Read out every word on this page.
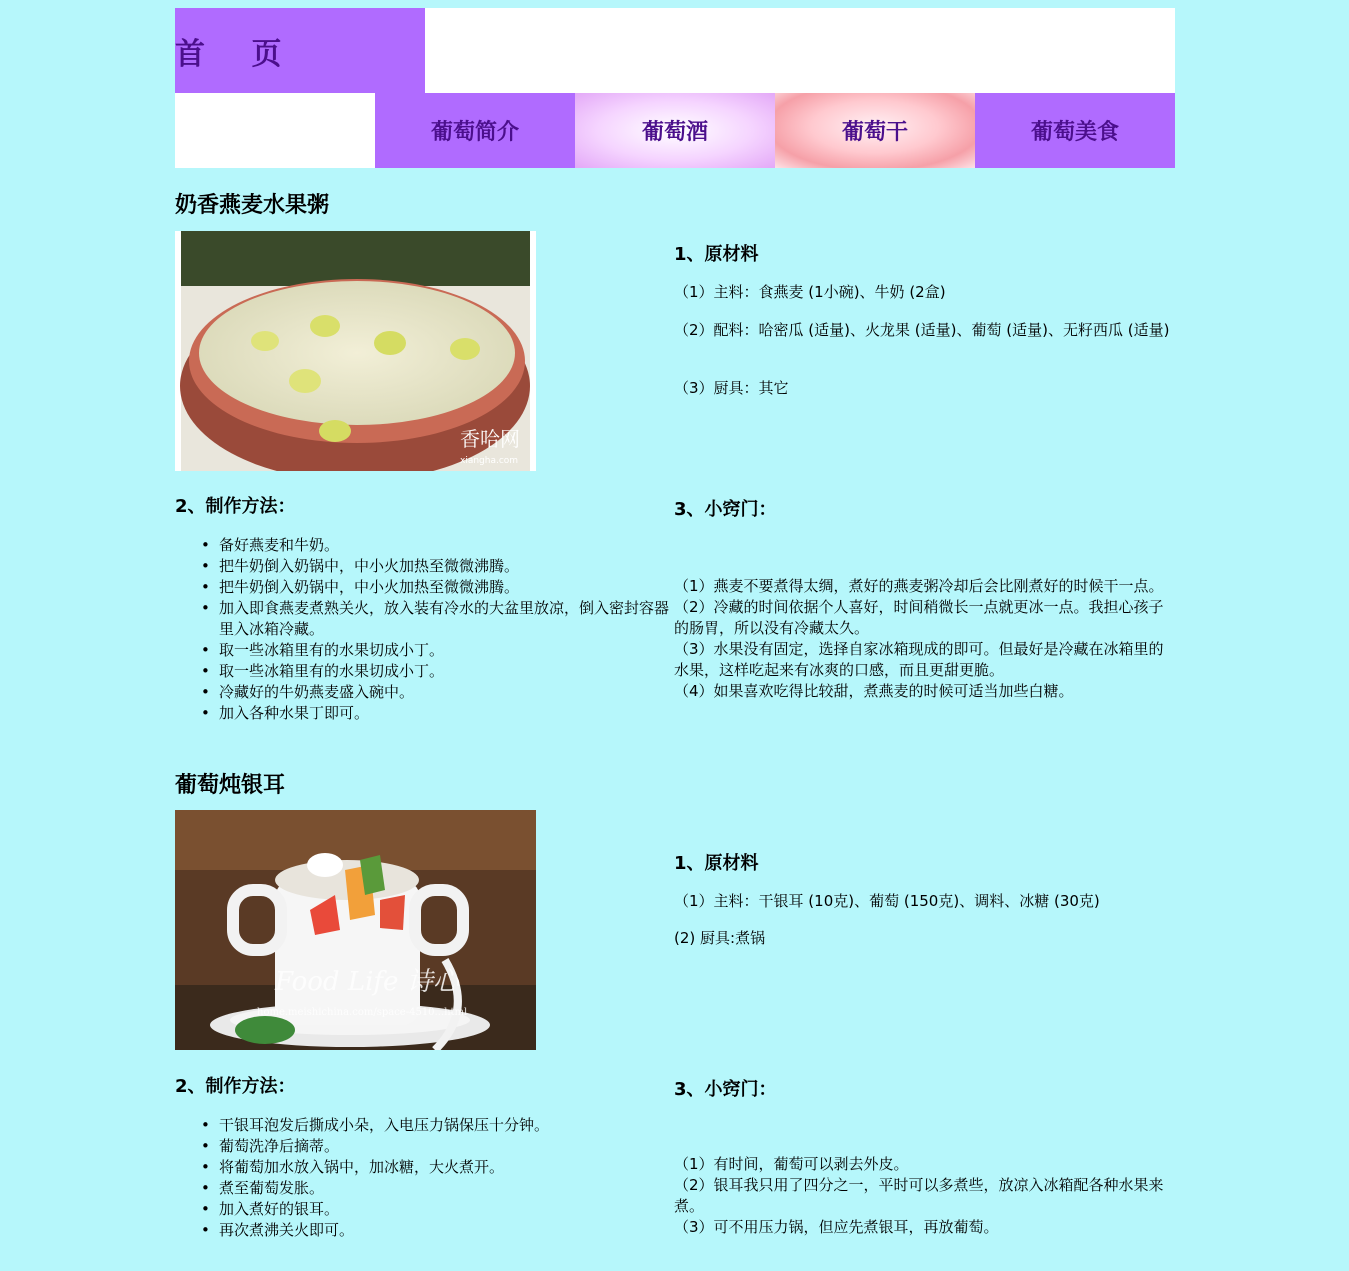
首 页
葡萄简介	葡萄酒	葡萄干	葡萄美食
奶香燕麦水果粥
香哈网
xiangha.com
1、原材料
（1）主料：食燕麦 (1小碗)、牛奶 (2盒)
（2）配料：哈密瓜 (适量)、火龙果 (适量)、葡萄 (适量)、无籽西瓜 (适量)
（3）厨具：其它
2、制作方法：
• 备好燕麦和牛奶。
• 把牛奶倒入奶锅中，中小火加热至微微沸腾。
• 把牛奶倒入奶锅中，中小火加热至微微沸腾。
• 加入即食燕麦煮熟关火，放入装有冷水的大盆里放凉，倒入密封容器里入冰箱冷藏。
• 取一些冰箱里有的水果切成小丁。
• 取一些冰箱里有的水果切成小丁。
• 冷藏好的牛奶燕麦盛入碗中。
• 加入各种水果丁即可。
3、小窍门：
（1）燕麦不要煮得太绸，煮好的燕麦粥冷却后会比刚煮好的时候干一点。
（2）冷藏的时间依据个人喜好，时间稍微长一点就更冰一点。我担心孩子的肠胃，所以没有冷藏太久。
（3）水果没有固定，选择自家冰箱现成的即可。但最好是冷藏在冰箱里的水果，这样吃起来有冰爽的口感，而且更甜更脆。
（4）如果喜欢吃得比较甜，煮燕麦的时候可适当加些白糖。
葡萄炖银耳
Food Life 诗心
home.meishichina.com/space-4510...html
1、原材料
（1）主料：干银耳 (10克)、葡萄 (150克)、调料、冰糖 (30克)
(2) 厨具:煮锅
2、制作方法：
• 干银耳泡发后撕成小朵，入电压力锅保压十分钟。
• 葡萄洗净后摘蒂。
• 将葡萄加水放入锅中，加冰糖，大火煮开。
• 煮至葡萄发胀。
• 加入煮好的银耳。
• 再次煮沸关火即可。
3、小窍门：
（1）有时间，葡萄可以剥去外皮。
（2）银耳我只用了四分之一，平时可以多煮些，放凉入冰箱配各种水果来煮。
（3）可不用压力锅，但应先煮银耳，再放葡萄。
